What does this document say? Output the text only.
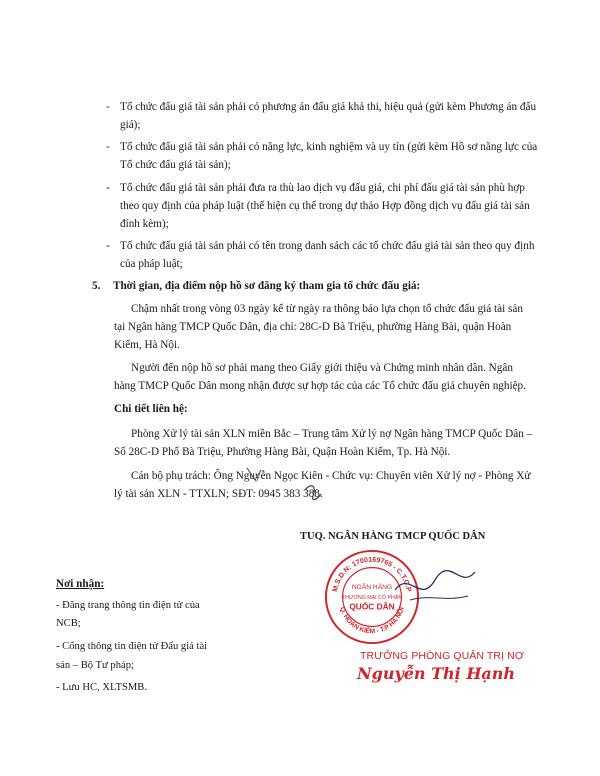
- Tổ chức đấu giá tài sản phải có phương án đấu giá khả thi, hiệu quả (gửi kèm Phương án đấu
giá);
- Tổ chức đấu giá tài sản phải có năng lực, kinh nghiệm và uy tín (gửi kèm Hồ sơ năng lực của
Tổ chức đấu giá tài sản);
- Tổ chức đấu giá tài sản phải đưa ra thù lao dịch vụ đấu giá, chi phí đấu giá tài sản phù hợp
theo quy định của pháp luật (thể hiện cụ thể trong dự thảo Hợp đồng dịch vụ đấu giá tài sản
đính kèm);
- Tổ chức đấu giá tài sản phải có tên trong danh sách các tổ chức đấu giá tài sản theo quy định
của pháp luật;
5. Thời gian, địa điểm nộp hồ sơ đăng ký tham gia tổ chức đấu giá:
Chậm nhất trong vòng 03 ngày kể từ ngày ra thông báo lựa chọn tổ chức đấu giá tài sản
tại Ngân hàng TMCP Quốc Dân, địa chỉ: 28C-D Bà Triệu, phường Hàng Bài, quận Hoàn
Kiếm, Hà Nội.
Người đến nộp hồ sơ phải mang theo Giấy giới thiệu và Chứng minh nhân dân. Ngân
hàng TMCP Quốc Dân mong nhận được sự hợp tác của các Tổ chức đấu giá chuyên nghiệp.
Chi tiết liên hệ:
Phòng Xử lý tài sản XLN miền Bắc – Trung tâm Xử lý nợ Ngân hàng TMCP Quốc Dân –
Số 28C-D Phố Bà Triệu, Phường Hàng Bài, Quận Hoàn Kiếm, Tp. Hà Nội.
Cán bộ phụ trách: Ông Nguyễn Ngọc Kiên - Chức vụ: Chuyên viên Xử lý nợ - Phòng Xử
lý tài sản XLN - TTXLN; SĐT: 0945 383 388.
TUQ. NGÂN HÀNG TMCP QUỐC DÂN
M.S.D.N: 1700169765 - C.T.C.P
Q. HOÀN KIẾM - T.P HÀ NỘI
NGÂN HÀNG
THƯƠNG MẠI CỔ PHẦN
QUỐC DÂN
TRƯỞNG PHÒNG QUẢN TRỊ NỢ
Nguyễn Thị Hạnh
Nơi nhận:
- Đăng trang thông tin điện tử của
NCB;
- Cổng thông tin điện tử Đấu giá tài
sản – Bộ Tư pháp;
- Lưu HC, XLTSMB.
